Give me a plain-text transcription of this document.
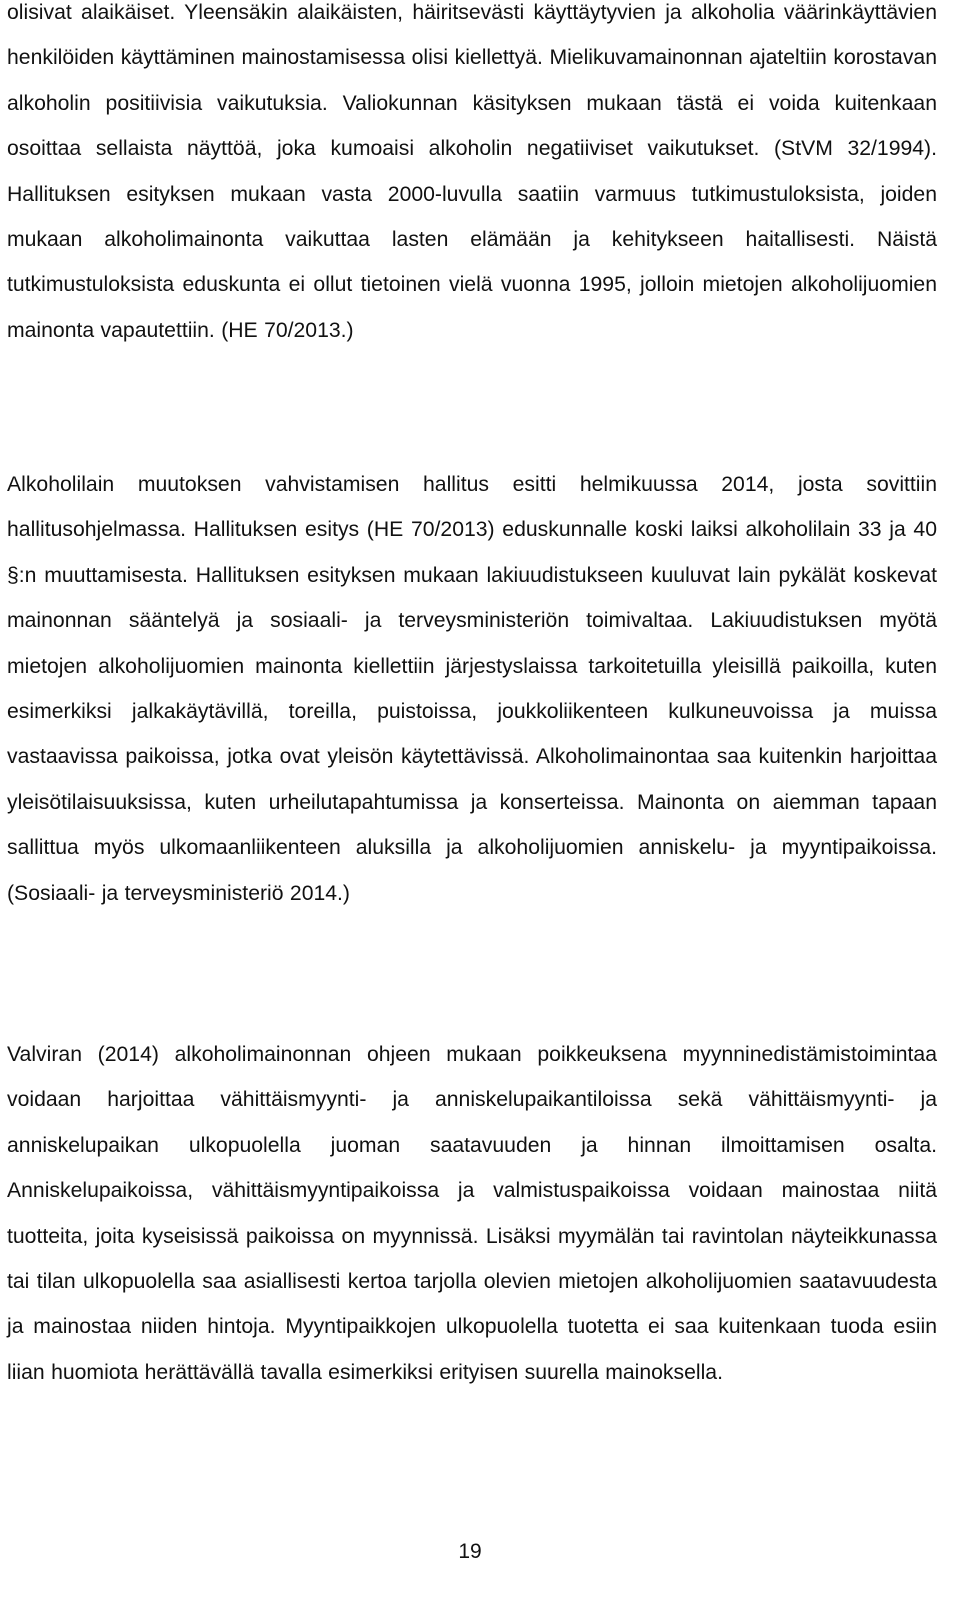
olisivat alaikäiset. Yleensäkin alaikäisten, häiritsevästi käyttäytyvien ja alkoholia väärinkäyttävien henkilöiden käyttäminen mainostamisessa olisi kiellettyä. Mielikuvamainonnan ajateltiin korostavan alkoholin positiivisia vaikutuksia. Valiokunnan käsityksen mukaan tästä ei voida kuitenkaan osoittaa sellaista näyttöä, joka kumoaisi alkoholin negatiiviset vaikutukset. (StVM 32/1994). Hallituksen esityksen mukaan vasta 2000-luvulla saatiin varmuus tutkimustuloksista, joiden mukaan alkoholimainonta vaikuttaa lasten elämään ja kehitykseen haitallisesti. Näistä tutkimustuloksista eduskunta ei ollut tietoinen vielä vuonna 1995, jolloin mietojen alkoholijuomien mainonta vapautettiin. (HE 70/2013.)

Alkoholilain muutoksen vahvistamisen hallitus esitti helmikuussa 2014, josta sovittiin hallitusohjelmassa. Hallituksen esitys (HE 70/2013) eduskunnalle koski laiksi alkoholilain 33 ja 40 §:n muuttamisesta. Hallituksen esityksen mukaan lakiuudistukseen kuuluvat lain pykälät koskevat mainonnan sääntelyä ja sosiaali- ja terveysministeriön toimivaltaa. Lakiuudistuksen myötä mietojen alkoholijuomien mainonta kiellettiin järjestyslaissa tarkoitetuilla yleisillä paikoilla, kuten esimerkiksi jalkakäytävillä, toreilla, puistoissa, joukkoliikenteen kulkuneuvoissa ja muissa vastaavissa paikoissa, jotka ovat yleisön käytettävissä. Alkoholimainontaa saa kuitenkin harjoittaa yleisötilaisuuksissa, kuten urheilutapahtumissa ja konserteissa. Mainonta on aiemman tapaan sallittua myös ulkomaanliikenteen aluksilla ja alkoholijuomien anniskelu- ja myyntipaikoissa. (Sosiaali- ja terveysministeriö 2014.)

Valviran (2014) alkoholimainonnan ohjeen mukaan poikkeuksena myynninedistämistoimintaa voidaan harjoittaa vähittäismyynti- ja anniskelupaikantiloissa sekä vähittäismyynti- ja anniskelupaikan ulkopuolella juoman saatavuuden ja hinnan ilmoittamisen osalta. Anniskelupaikoissa, vähittäismyyntipaikoissa ja valmistuspaikoissa voidaan mainostaa niitä tuotteita, joita kyseisissä paikoissa on myynnissä. Lisäksi myymälän tai ravintolan näyteikkunassa tai tilan ulkopuolella saa asiallisesti kertoa tarjolla olevien mietojen alkoholijuomien saatavuudesta ja mainostaa niiden hintoja. Myyntipaikkojen ulkopuolella tuotetta ei saa kuitenkaan tuoda esiin liian huomiota herättävällä tavalla esimerkiksi erityisen suurella mainoksella.

19
